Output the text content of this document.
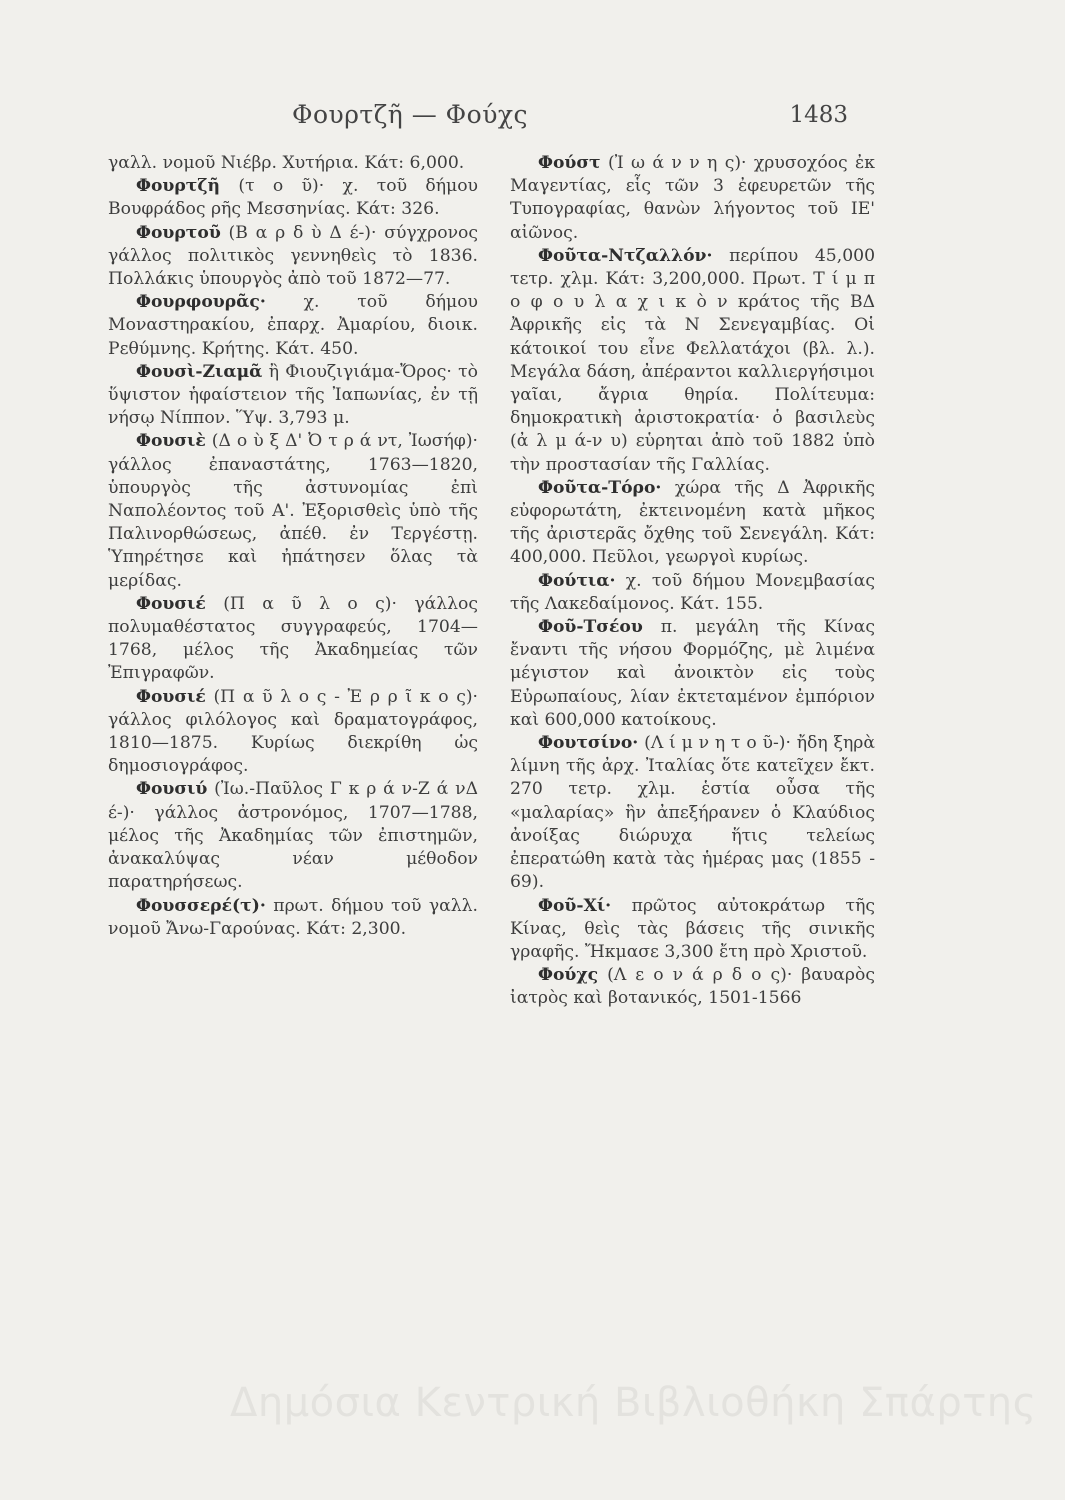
Φουρτζῆ — Φούχς	1483

γαλλ. νομοῦ Νιέβρ. Χυτήρια. Κάτ: 6,000.

Φουρτζῆ (τ ο ῦ)· χ. τοῦ δήμου Βουφράδος ρῆς Μεσσηνίας. Κάτ: 326.

Φουρτοῦ (Β α ρ δ ὺ Δ έ-)· σύγχρονος γάλλος πολιτικὸς γεννηθεὶς τὸ 1836. Πολλάκις ὑπουργὸς ἀπὸ τοῦ 1872—77.

Φουρφουρᾶς· χ. τοῦ δήμου Μοναστηρακίου, ἐπαρχ. Ἀμαρίου, διοικ. Ρεθύμνης. Κρήτης. Κάτ. 450.

Φουσὶ-Ζιαμᾶ ἢ Φιουζιγιάμα-Ὄρος· τὸ ὕψιστον ἡφαίστειον τῆς Ἰαπωνίας, ἐν τῇ νήσῳ Νίππον. Ὕψ. 3,793 μ.

Φουσιὲ (Δ ο ὺ ξ Δ' Ὀ τ ρ ά ντ, Ἰωσήφ)· γάλλος ἐπαναστάτης, 1763—1820, ὑπουργὸς τῆς ἀστυνομίας ἐπὶ Ναπολέοντος τοῦ Α'. Ἐξορισθεὶς ὑπὸ τῆς Παλινορθώσεως, ἀπέθ. ἐν Τεργέστῃ. Ὑπηρέτησε καὶ ἠπάτησεν ὅλας τὰ μερίδας.

Φουσιέ (Π α ῦ λ ο ς)· γάλλος πολυμαθέστατος συγγραφεύς, 1704—1768, μέλος τῆς Ἀκαδημείας τῶν Ἐπιγραφῶν.

Φουσιέ (Π α ῦ λ ο ς - Ἐ ρ ρ ῖ κ ο ς)· γάλλος φιλόλογος καὶ δραματογράφος, 1810—1875. Κυρίως διεκρίθη ὡς δημοσιογράφος.

Φουσιύ (Ἰω.-Παῦλος Γ κ ρ ά ν-Ζ ά νΔ έ-)· γάλλος ἀστρονόμος, 1707—1788, μέλος τῆς Ἀκαδημίας τῶν ἐπιστημῶν, ἀνακαλύψας νέαν μέθοδον παρατηρήσεως.

Φουσσερέ(τ)· πρωτ. δήμου τοῦ γαλλ. νομοῦ Ἄνω-Γαρούνας. Κάτ: 2,300.

Φούστ (Ἰ ω ά ν ν η ς)· χρυσοχόος ἐκ Μαγεντίας, εἷς τῶν 3 ἐφευρετῶν τῆς Τυπογραφίας, θανὼν λήγοντος τοῦ ΙΕ' αἰῶνος.

Φοῦτα-Ντζαλλόν· περίπου 45,000 τετρ. χλμ. Κάτ: 3,200,000. Πρωτ. Τ ί μ π ο φ ο υ λ α χ ι κ ὸ ν κράτος τῆς ΒΔ Ἀφρικῆς εἰς τὰ Ν Σενεγαμβίας. Οἱ κάτοικοί του εἶνε Φελλατάχοι (βλ. λ.). Μεγάλα δάση, ἀπέραντοι καλλιεργήσιμοι γαῖαι, ἄγρια θηρία. Πολίτευμα: δημοκρατικὴ ἀριστοκρατία· ὁ βασιλεὺς (ἀ λ μ ά-ν υ) εὑρηται ἀπὸ τοῦ 1882 ὑπὸ τὴν προστασίαν τῆς Γαλλίας.

Φοῦτα-Τόρο· χώρα τῆς Δ Ἀφρικῆς εὐφορωτάτη, ἐκτεινομένη κατὰ μῆκος τῆς ἀριστερᾶς ὄχθης τοῦ Σενεγάλη. Κάτ: 400,000. Πεῦλοι, γεωργοὶ κυρίως.

Φούτια· χ. τοῦ δήμου Μονεμβασίας τῆς Λακεδαίμονος. Κάτ. 155.

Φοῦ-Τσέου π. μεγάλη τῆς Κίνας ἔναντι τῆς νήσου Φορμόζης, μὲ λιμένα μέγιστον καὶ ἀνοικτὸν εἰς τοὺς Εὐρωπαίους, λίαν ἐκτεταμένον ἐμπόριον καὶ 600,000 κατοίκους.

Φουτσίνο· (Λ ί μ ν η τ ο ῦ-)· ἤδη ξηρὰ λίμνη τῆς ἀρχ. Ἰταλίας ὅτε κατεῖχεν ἔκτ. 270 τετρ. χλμ. ἑστία οὖσα τῆς «μαλαρίας» ἣν ἀπεξήρανεν ὁ Κλαύδιος ἀνοίξας διώρυχα ἥτις τελείως ἐπερατώθη κατὰ τὰς ἡμέρας μας (1855 - 69).

Φοῦ-Χί· πρῶτος αὐτοκράτωρ τῆς Κίνας, θεὶς τὰς βάσεις τῆς σινικῆς γραφῆς. Ἤκμασε 3,300 ἔτη πρὸ Χριστοῦ.

Φούχς (Λ ε ο ν ά ρ δ ο ς)· βαυαρὸς ἰατρὸς καὶ βοτανικός, 1501-1566

Δημόσια Κεντρική Βιβλιοθήκη Σπάρτης
